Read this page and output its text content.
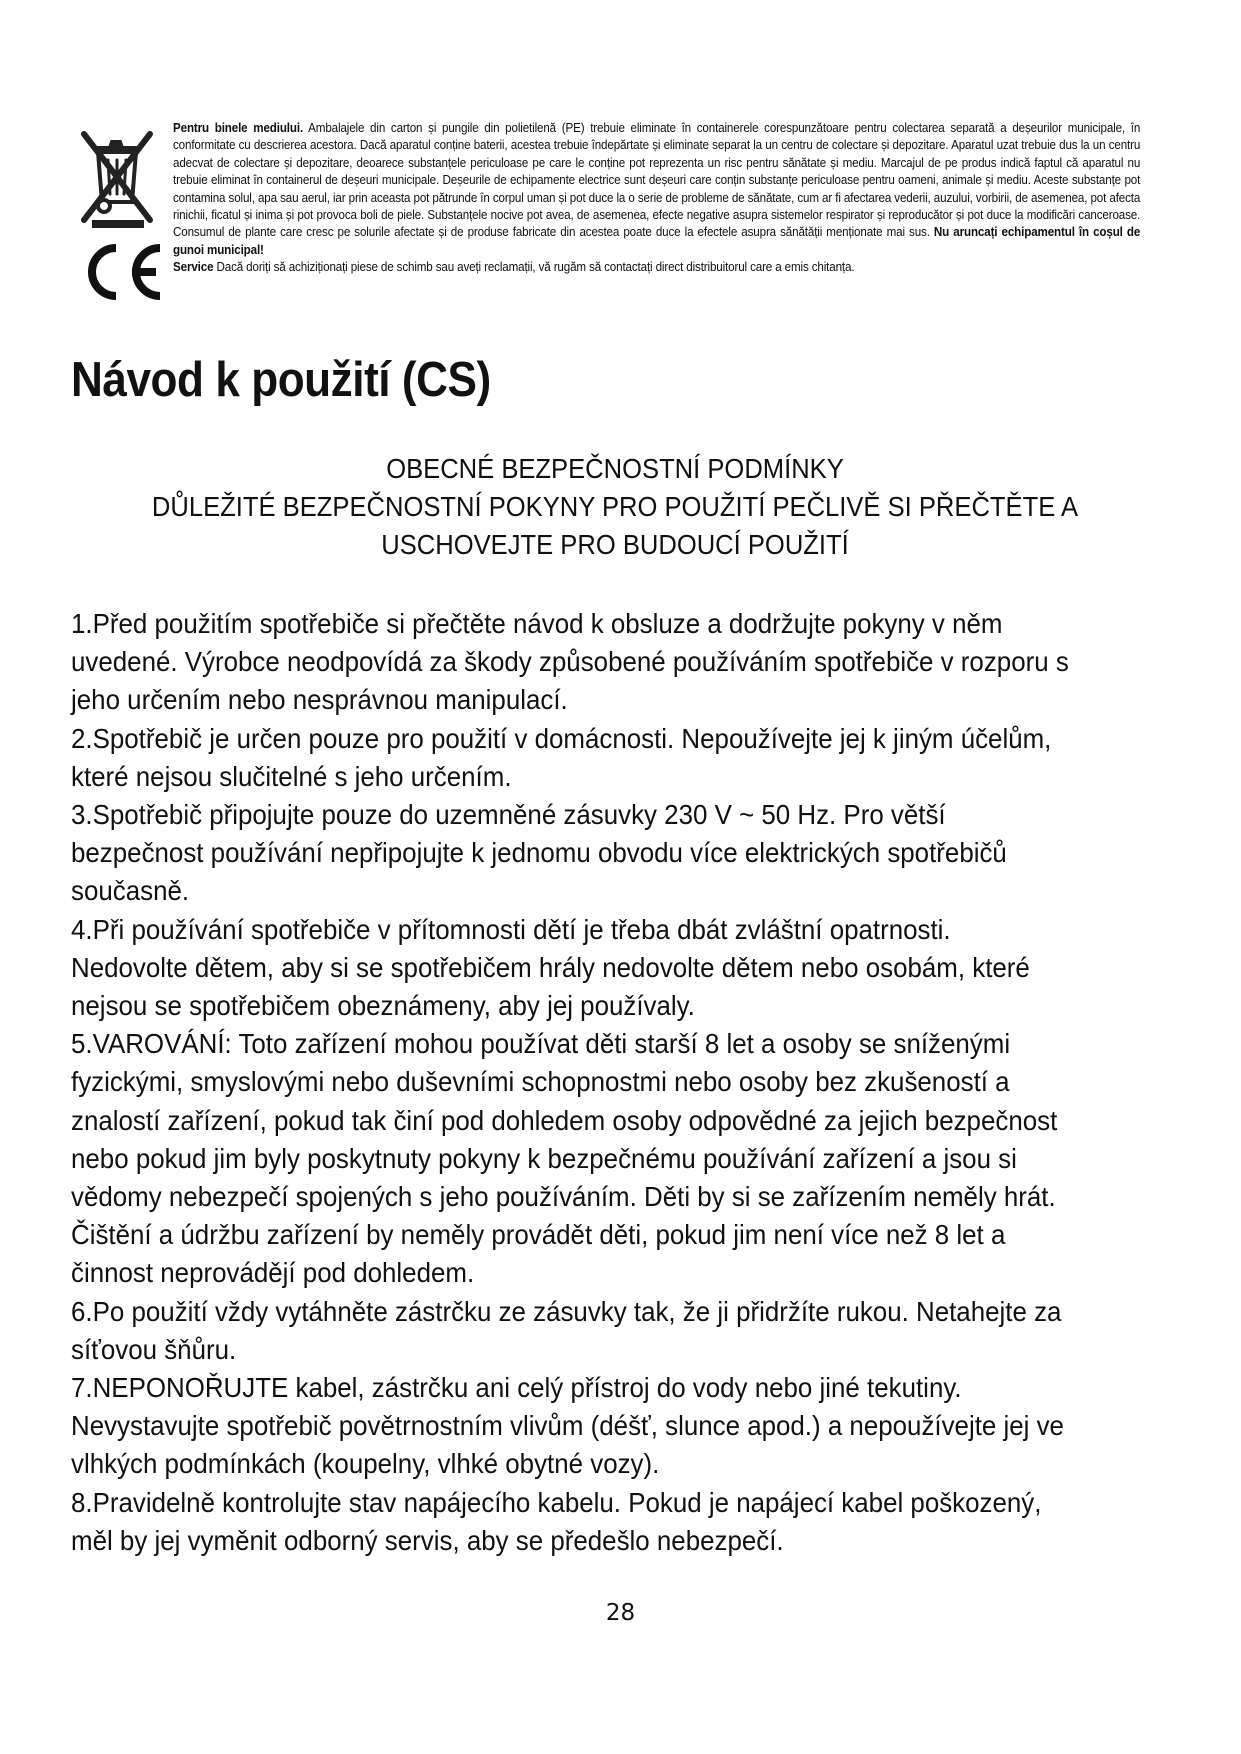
Pentru binele mediului. Ambalajele din carton și pungile din polietilenă (PE) trebuie eliminate în containerele corespunzătoare pentru colectarea separată a deșeurilor municipale, în conformitate cu descrierea acestora. Dacă aparatul conține baterii, acestea trebuie îndepărtate și eliminate separat la un centru de colectare și depozitare. Aparatul uzat trebuie dus la un centru adecvat de colectare și depozitare, deoarece substanțele periculoase pe care le conține pot reprezenta un risc pentru sănătate și mediu. Marcajul de pe produs indică faptul că aparatul nu trebuie eliminat în containerul de deșeuri municipale. Deșeurile de echipamente electrice sunt deșeuri care conțin substanțe periculoase pentru oameni, animale și mediu. Aceste substanțe pot contamina solul, apa sau aerul, iar prin aceasta pot pătrunde în corpul uman și pot duce la o serie de probleme de sănătate, cum ar fi afectarea vederii, auzului, vorbirii, de asemenea, pot afecta rinichii, ficatul și inima și pot provoca boli de piele. Substanțele nocive pot avea, de asemenea, efecte negative asupra sistemelor respirator și reproducător și pot duce la modificări canceroase. Consumul de plante care cresc pe solurile afectate și de produse fabricate din acestea poate duce la efectele asupra sănătății menționate mai sus. Nu aruncați echipamentul în coșul de gunoi municipal!
Service Dacă doriți să achiziționați piese de schimb sau aveți reclamații, vă rugăm să contactați direct distribuitorul care a emis chitanța.
Návod k použití (CS)
OBECNÉ BEZPEČNOSTNÍ PODMÍNKY
DŮLEŽITÉ BEZPEČNOSTNÍ POKYNY PRO POUŽITÍ PEČLIVĚ SI PŘEČTĚTE A
USCHOVEJTE PRO BUDOUCÍ POUŽITÍ

1.Před použitím spotřebiče si přečtěte návod k obsluze a dodržujte pokyny v něm uvedené. Výrobce neodpovídá za škody způsobené používáním spotřebiče v rozporu s jeho určením nebo nesprávnou manipulací.

2.Spotřebič je určen pouze pro použití v domácnosti. Nepoužívejte jej k jiným účelům, které nejsou slučitelné s jeho určením.

3.Spotřebič připojujte pouze do uzemněné zásuvky 230 V ~ 50 Hz. Pro větší bezpečnost používání nepřipojujte k jednomu obvodu více elektrických spotřebičů současně.

4.Při používání spotřebiče v přítomnosti dětí je třeba dbát zvláštní opatrnosti. Nedovolte dětem, aby si se spotřebičem hrály nedovolte dětem nebo osobám, které nejsou se spotřebičem obeznámeny, aby jej používaly.

5.VAROVÁNÍ: Toto zařízení mohou používat děti starší 8 let a osoby se sníženými fyzickými, smyslovými nebo duševními schopnostmi nebo osoby bez zkušeností a znalostí zařízení, pokud tak činí pod dohledem osoby odpovědné za jejich bezpečnost nebo pokud jim byly poskytnuty pokyny k bezpečnému používání zařízení a jsou si vědomy nebezpečí spojených s jeho používáním. Děti by si se zařízením neměly hrát. Čištění a údržbu zařízení by neměly provádět děti, pokud jim není více než 8 let a činnost neprovádějí pod dohledem.

6.Po použití vždy vytáhněte zástrčku ze zásuvky tak, že ji přidržíte rukou. Netahejte za síťovou šňůru.

7.NEPONOŘUJTE kabel, zástrčku ani celý přístroj do vody nebo jiné tekutiny. Nevystavujte spotřebič povětrnostním vlivům (déšť, slunce apod.) a nepoužívejte jej ve vlhkých podmínkách (koupelny, vlhké obytné vozy).

8.Pravidelně kontrolujte stav napájecího kabelu. Pokud je napájecí kabel poškozený, měl by jej vyměnit odborný servis, aby se předešlo nebezpečí.

28
